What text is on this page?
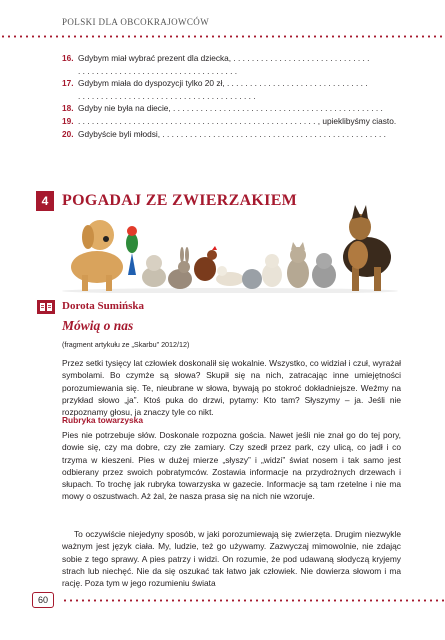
POLSKI DLA OBCOKRAJOWCÓW
16. Gdybym miał wybrać prezent dla dziecka, . . . . . . . . . . . . . . . . . . . . . . . . . . . . . .
. . . . . . . . . . . . . . . . . . . . . . . . . . . . . . . . . . .
17. Gdybym miała do dyspozycji tylko 20 zł, . . . . . . . . . . . . . . . . . . . . . . . . . . . . . . .
. . . . . . . . . . . . . . . . . . . . . . . . . . . . . . . . . . . . . . .
18. Gdyby nie była na diecie, . . . . . . . . . . . . . . . . . . . . . . . . . . . . . . . . . . . . . . . . . . . . . .
19. . . . . . . . . . . . . . . . . . . . . . . . . . . . . . . . . . . . . . . . . . . . . . . . . . . . . , upieklibyśmy ciasto.
20. Gdybyście byli młodsi, . . . . . . . . . . . . . . . . . . . . . . . . . . . . . . . . . . . . . . . . . . . . . . . . .
4 POGADAJ ZE ZWIERZAKIEM
Dorota Sumińska
Mówią o nas
(fragment artykułu ze „Skarbu” 2012/12)

Przez setki tysięcy lat człowiek doskonalił się wokalnie. Wszystko, co widział i czuł, wyrażał symbolami. Bo czymże są słowa? Skupił się na nich, zatracając inne umiejętności porozumiewania się. Te, nieubrane w słowa, bywają po stokroć dokładniejsze. Weźmy na przykład słowo „ja”. Ktoś puka do drzwi, pytamy: Kto tam? Słyszymy – ja. Jeśli nie rozpoznamy głosu, ja znaczy tyle co nikt.

Rubryka towarzyska

Pies nie potrzebuje słów. Doskonale rozpozna gościa. Nawet jeśli nie znał go do tej pory, dowie się, czy ma dobre, czy złe zamiary. Czy szedł przez park, czy ulicą, co jadł i co trzyma w kieszeni. Pies w dużej mierze „słyszy” i „widzi” świat nosem i tak samo jest odbierany przez swoich pobratymców. Zostawia informacje na przydrożnych drzewach i słupach. To trochę jak rubryka towarzyska w gazecie. Informacje są tam rzetelne i nie ma mowy o oszustwach. Aż żal, że nasza prasa się na nich nie wzoruje.

To oczywiście niejedyny sposób, w jaki porozumiewają się zwierzęta. Drugim niezwykle ważnym jest język ciała. My, ludzie, też go używamy. Zazwyczaj mimowolnie, nie zdając sobie z tego sprawy. A pies patrzy i widzi. On rozumie, że pod udawaną słodyczą kryjemy strach lub niechęć. Nie da się oszukać tak łatwo jak człowiek. Nie dowierza słowom i ma rację. Poza tym w jego rozumieniu świata

60
